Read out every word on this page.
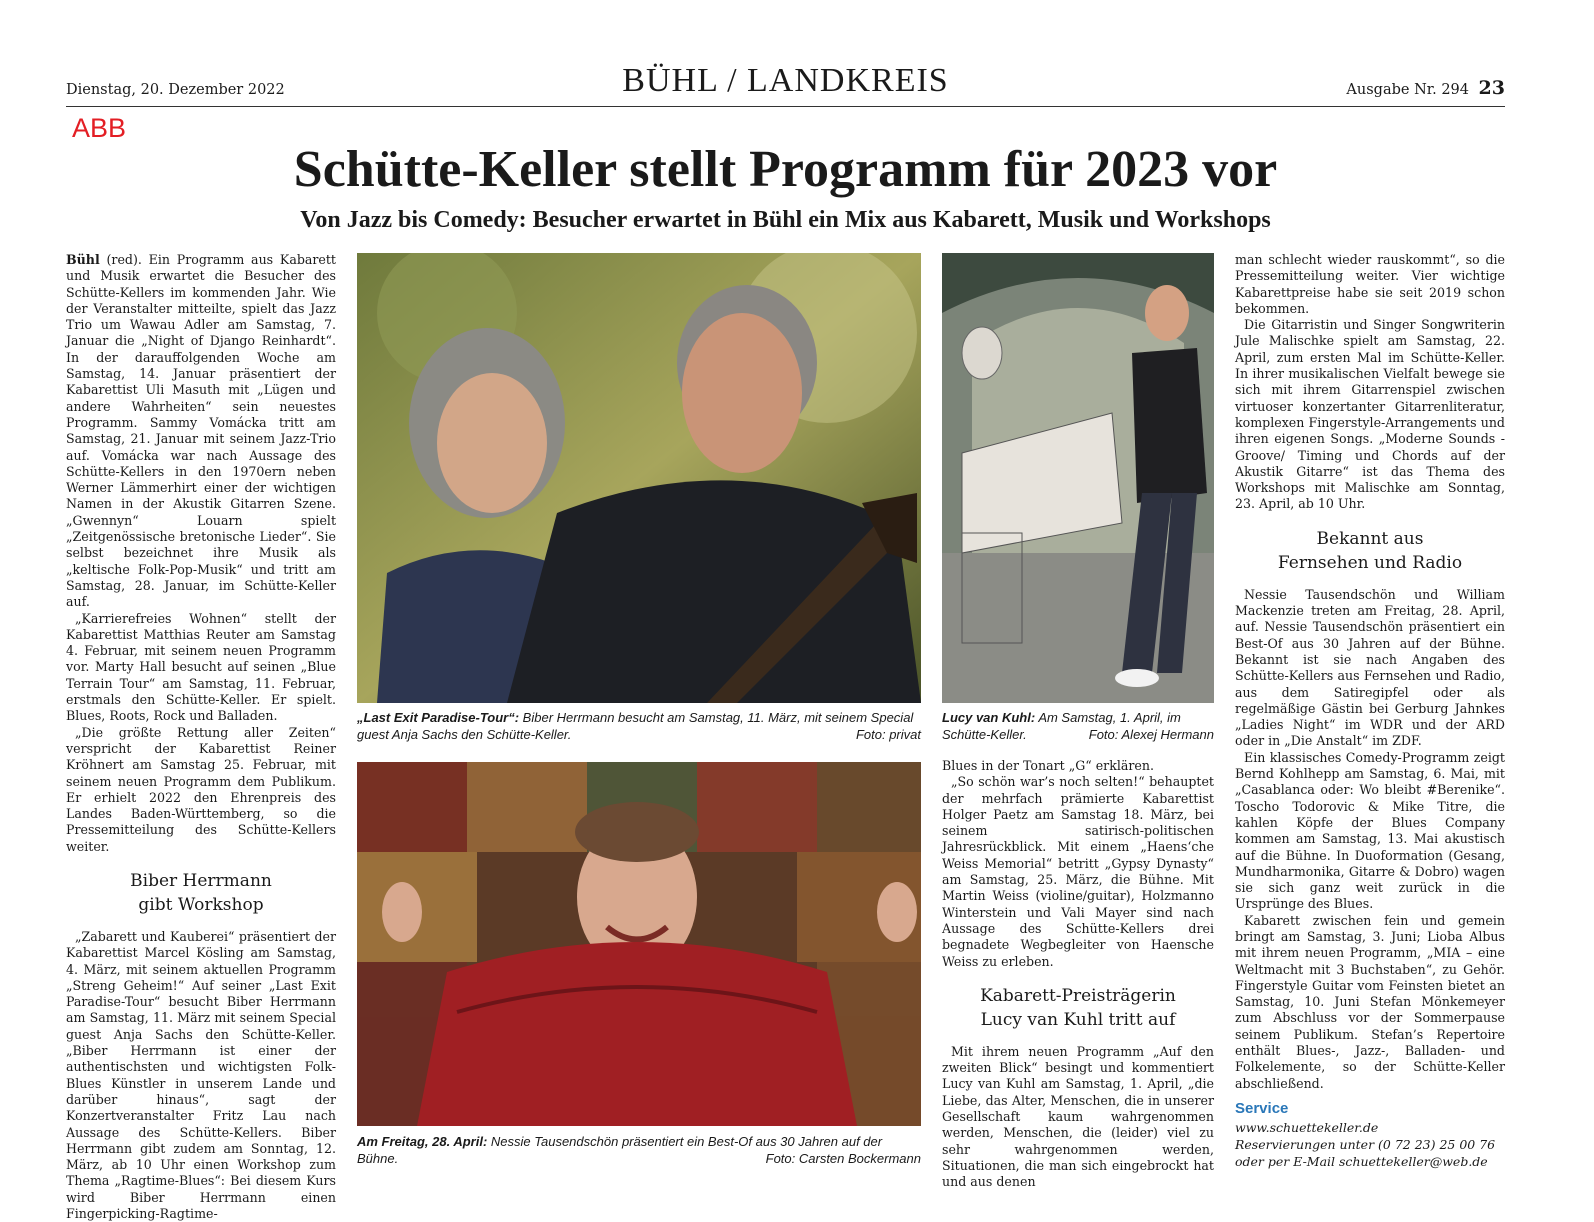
Dienstag, 20. Dezember 2022	BÜHL / LANDKREIS	Ausgabe Nr. 294 23
ABB
Schütte-Keller stellt Programm für 2023 vor
Von Jazz bis Comedy: Besucher erwartet in Bühl ein Mix aus Kabarett, Musik und Workshops

Bühl (red). Ein Programm aus Kabarett und Musik erwartet die Besucher des Schütte-Kellers im kommenden Jahr. Wie der Veranstalter mitteilte, spielt das Jazz Trio um Wawau Adler am Samstag, 7. Januar die „Night of Django Reinhardt“. In der darauffolgenden Woche am Samstag, 14. Januar präsentiert der Kabarettist Uli Masuth mit „Lügen und andere Wahrheiten“ sein neuestes Programm. Sammy Vomácka tritt am Samstag, 21. Januar mit seinem Jazz-Trio auf. Vomácka war nach Aussage des Schütte-Kellers in den 1970ern neben Werner Lämmerhirt einer der wichtigen Namen in der Akustik Gitarren Szene. „Gwennyn“ Louarn spielt „Zeitgenössische bretonische Lieder“. Sie selbst bezeichnet ihre Musik als „keltische Folk-Pop-Musik“ und tritt am Samstag, 28. Januar, im Schütte-Keller auf.

„Karrierefreies Wohnen“ stellt der Kabarettist Matthias Reuter am Samstag 4. Februar, mit seinem neuen Programm vor. Marty Hall besucht auf seinen „Blue Terrain Tour“ am Samstag, 11. Februar, erstmals den Schütte-Keller. Er spielt. Blues, Roots, Rock und Balladen.

„Die größte Rettung aller Zeiten“ verspricht der Kabarettist Reiner Kröhnert am Samstag 25. Februar, mit seinem neuen Programm dem Publikum. Er erhielt 2022 den Ehrenpreis des Landes Baden-Württemberg, so die Pressemitteilung des Schütte-Kellers weiter.

Biber Herrmann
gibt Workshop

„Zabarett und Kauberei“ präsentiert der Kabarettist Marcel Kösling am Samstag, 4. März, mit seinem aktuellen Programm „Streng Geheim!“ Auf seiner „Last Exit Paradise-Tour“ besucht Biber Herrmann am Samstag, 11. März mit seinem Special guest Anja Sachs den Schütte-Keller. „Biber Herrmann ist einer der authentischsten und wichtigsten Folk-Blues Künstler in unserem Lande und darüber hinaus“, sagt der Konzertveranstalter Fritz Lau nach Aussage des Schütte-Kellers. Biber Herrmann gibt zudem am Sonntag, 12. März, ab 10 Uhr einen Workshop zum Thema „Ragtime-Blues“: Bei diesem Kurs wird Biber Herrmann einen Fingerpicking-Ragtime-

„Last Exit Paradise-Tour“: Biber Herrmann besucht am Samstag, 11. März, mit seinem Special guest Anja Sachs den Schütte-Keller.	Foto: privat
Lucy van Kuhl: Am Samstag, 1. April, im Schütte-Keller.	Foto: Alexej Hermann
Am Freitag, 28. April: Nessie Tausendschön präsentiert ein Best-Of aus 30 Jahren auf der Bühne.	Foto: Carsten Bockermann

Blues in der Tonart „G“ erklären.

„So schön war’s noch selten!“ behauptet der mehrfach prämierte Kabarettist Holger Paetz am Samstag 18. März, bei seinem satirisch-politischen Jahresrückblick. Mit einem „Haens‘che Weiss Memorial“ betritt „Gypsy Dynasty“ am Samstag, 25. März, die Bühne. Mit Martin Weiss (violine/guitar), Holzmanno Winterstein und Vali Mayer sind nach Aussage des Schütte-Kellers drei begnadete Wegbegleiter von Haensche Weiss zu erleben.

Kabarett-Preisträgerin
Lucy van Kuhl tritt auf

Mit ihrem neuen Programm „Auf den zweiten Blick“ besingt und kommentiert Lucy van Kuhl am Samstag, 1. April, „die Liebe, das Alter, Menschen, die in unserer Gesellschaft kaum wahrgenommen werden, Menschen, die (leider) viel zu sehr wahrgenommen werden, Situationen, die man sich eingebrockt hat und aus denen

man schlecht wieder rauskommt“, so die Pressemitteilung weiter. Vier wichtige Kabarettpreise habe sie seit 2019 schon bekommen.

Die Gitarristin und Singer Songwriterin Jule Malischke spielt am Samstag, 22. April, zum ersten Mal im Schütte-Keller. In ihrer musikalischen Vielfalt bewege sie sich mit ihrem Gitarrenspiel zwischen virtuoser konzertanter Gitarrenliteratur, komplexen Fingerstyle-Arrangements und ihren eigenen Songs. „Moderne Sounds - Groove/ Timing und Chords auf der Akustik Gitarre“ ist das Thema des Workshops mit Malischke am Sonntag, 23. April, ab 10 Uhr.

Bekannt aus
Fernsehen und Radio

Nessie Tausendschön und William Mackenzie treten am Freitag, 28. April, auf. Nessie Tausendschön präsentiert ein Best-Of aus 30 Jahren auf der Bühne. Bekannt ist sie nach Angaben des Schütte-Kellers aus Fernsehen und Radio, aus dem Satiregipfel oder als regelmäßige Gästin bei Gerburg Jahnkes „Ladies Night“ im WDR und der ARD oder in „Die Anstalt“ im ZDF.

Ein klassisches Comedy-Programm zeigt Bernd Kohlhepp am Samstag, 6. Mai, mit „Casablanca oder: Wo bleibt #Berenike“. Toscho Todorovic & Mike Titre, die kahlen Köpfe der Blues Company kommen am Samstag, 13. Mai akustisch auf die Bühne. In Duoformation (Gesang, Mundharmonika, Gitarre & Dobro) wagen sie sich ganz weit zurück in die Ursprünge des Blues.

Kabarett zwischen fein und gemein bringt am Samstag, 3. Juni; Lioba Albus mit ihrem neuen Programm, „MIA – eine Weltmacht mit 3 Buchstaben“, zu Gehör. Fingerstyle Guitar vom Feinsten bietet an Samstag, 10. Juni Stefan Mönkemeyer zum Abschluss vor der Sommerpause seinem Publikum. Stefan’s Repertoire enthält Blues-, Jazz-, Balladen- und Folkelemente, so der Schütte-Keller abschließend.

Service
www.schuettekeller.de
Reservierungen unter (0 72 23) 25 00 76
oder per E-Mail schuettekeller@web.de
